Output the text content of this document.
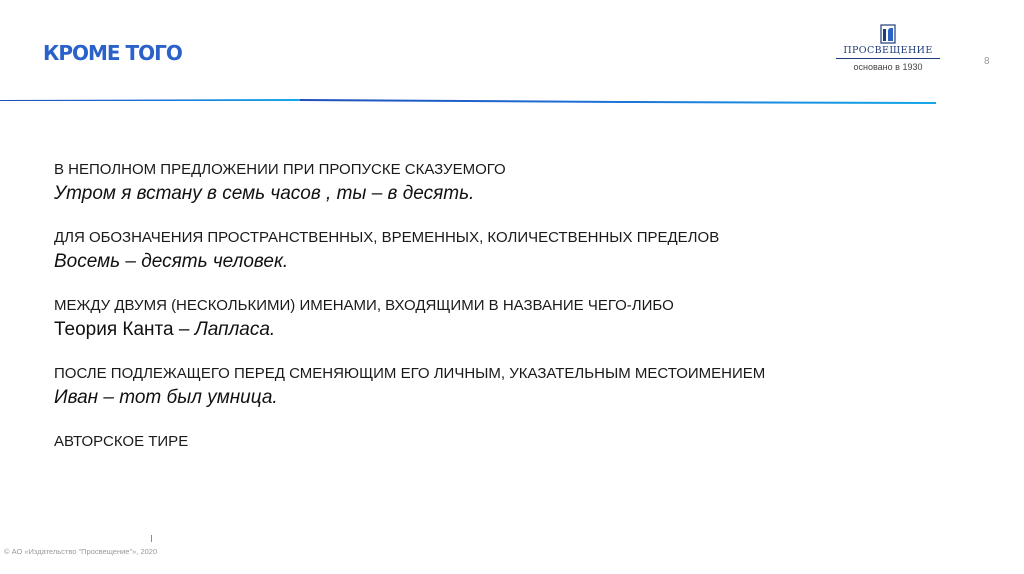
КРОМЕ ТОГО	ПРОСВЕЩЕНИЕ
основано в 1930	8
В НЕПОЛНОМ ПРЕДЛОЖЕНИИ ПРИ ПРОПУСКЕ СКАЗУЕМОГО
Утром я встану в семь часов , ты – в десять.
ДЛЯ ОБОЗНАЧЕНИЯ ПРОСТРАНСТВЕННЫХ, ВРЕМЕННЫХ, КОЛИЧЕСТВЕННЫХ ПРЕДЕЛОВ
Восемь – десять человек.
МЕЖДУ ДВУМЯ (НЕСКОЛЬКИМИ) ИМЕНАМИ, ВХОДЯЩИМИ В НАЗВАНИЕ ЧЕГО-ЛИБО
Теория Канта – Лапласа.
ПОСЛЕ ПОДЛЕЖАЩЕГО ПЕРЕД СМЕНЯЮЩИМ ЕГО ЛИЧНЫМ, УКАЗАТЕЛЬНЫМ МЕСТОИМЕНИЕМ
Иван – тот был умница.
АВТОРСКОЕ ТИРЕ
© АО «Издательство "Просвещение"», 2020
